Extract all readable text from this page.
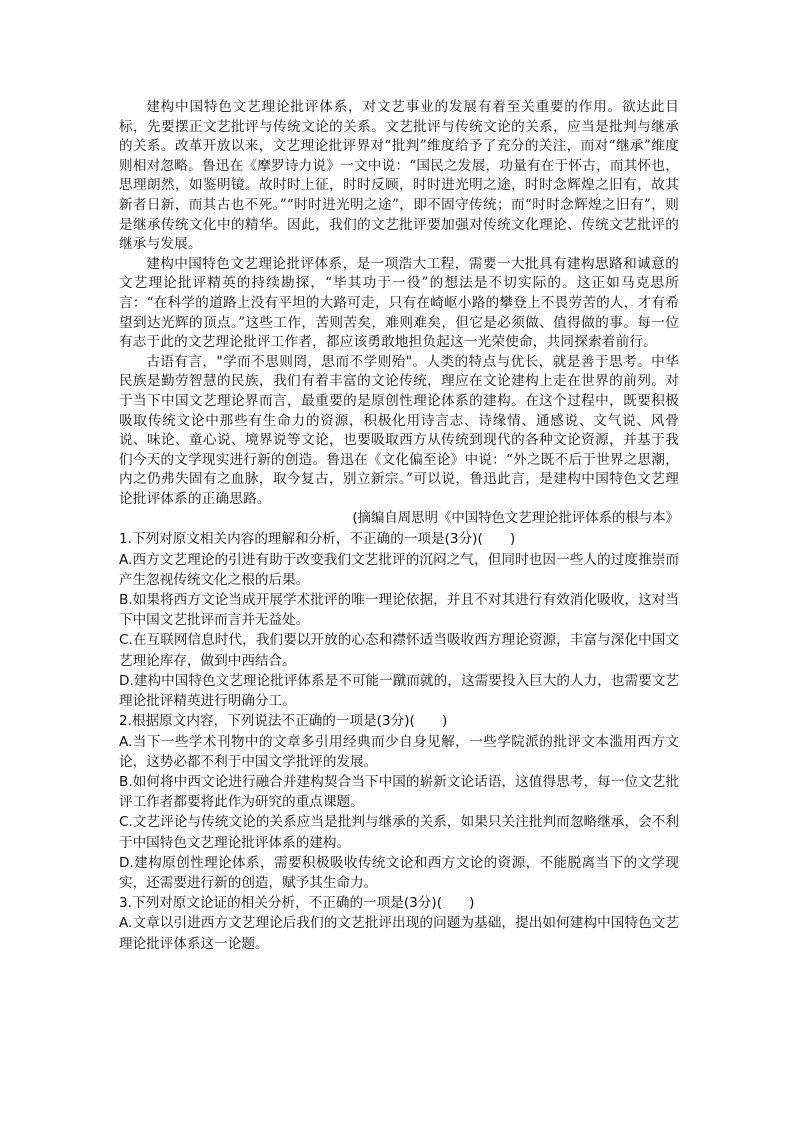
建构中国特色文艺理论批评体系，对文艺事业的发展有着至关重要的作用。欲达此目标，先要摆正文艺批评与传统文论的关系。文艺批评与传统文论的关系，应当是批判与继承的关系。改革开放以来，文艺理论批评界对“批判”维度给予了充分的关注，而对“继承”维度则相对忽略。鲁迅在《摩罗诗力说》一文中说：“国民之发展，功量有在于怀古，而其怀也，思理朗然，如鉴明镜。故时时上征，时时反顾，时时进光明之途，时时念辉煌之旧有，故其新者日新，而其古也不死。”“时时进光明之途”，即不固守传统；而“时时念辉煌之旧有”，则是继承传统文化中的精华。因此，我们的文艺批评要加强对传统文化理论、传统文艺批评的继承与发展。

建构中国特色文艺理论批评体系，是一项浩大工程，需要一大批具有建构思路和诚意的文艺理论批评精英的持续勘探，“毕其功于一役”的想法是不切实际的。这正如马克思所言：“在科学的道路上没有平坦的大路可走，只有在崎岖小路的攀登上不畏劳苦的人，才有希望到达光辉的顶点。”这些工作，苦则苦矣，难则难矣，但它是必须做、值得做的事。每一位有志于此的文艺理论批评工作者，都应该勇敢地担负起这一光荣使命，共同探索着前行。

古语有言，"学而不思则罔，思而不学则殆"。人类的特点与优长，就是善于思考。中华民族是勤劳智慧的民族，我们有着丰富的文论传统，理应在文论建构上走在世界的前列。对于当下中国文艺理论界而言，最重要的是原创性理论体系的建构。在这个过程中，既要积极吸取传统文论中那些有生命力的资源，积极化用诗言志、诗缘情、通感说、文气说、风骨说、味论、童心说、境界说等文论，也要吸取西方从传统到现代的各种文论资源，并基于我们今天的文学现实进行新的创造。鲁迅在《文化偏至论》中说：“外之既不后于世界之思潮，内之仍弗失固有之血脉，取今复古，别立新宗。”可以说，鲁迅此言，是建构中国特色文艺理论批评体系的正确思路。

(摘编自周思明《中国特色文艺理论批评体系的根与本》

1.下列对原文相关内容的理解和分析，不正确的一项是(3分)(　　)

A.西方文艺理论的引进有助于改变我们文艺批评的沉闷之气，但同时也因一些人的过度推崇而产生忽视传统文化之根的后果。

B.如果将西方文论当成开展学术批评的唯一理论依据，并且不对其进行有效消化吸收，这对当下中国文艺批评而言并无益处。

C.在互联网信息时代，我们要以开放的心态和襟怀适当吸收西方理论资源，丰富与深化中国文艺理论库存，做到中西结合。

D.建构中国特色文艺理论批评体系是不可能一蹴而就的，这需要投入巨大的人力，也需要文艺理论批评精英进行明确分工。

2.根据原文内容，下列说法不正确的一项是(3分)(　　)

A.当下一些学术刊物中的文章多引用经典而少自身见解，一些学院派的批评文本滥用西方文论，这势必都不利于中国文学批评的发展。

B.如何将中西文论进行融合并建构契合当下中国的崭新文论话语，这值得思考，每一位文艺批评工作者都要将此作为研究的重点课题。

C.文艺评论与传统文论的关系应当是批判与继承的关系，如果只关注批判而忽略继承，会不利于中国特色文艺理论批评体系的建构。

D.建构原创性理论体系，需要积极吸收传统文论和西方文论的资源，不能脱离当下的文学现实，还需要进行新的创造，赋予其生命力。

3.下列对原文论证的相关分析，不正确的一项是(3分)(　　)

A.文章以引进西方文艺理论后我们的文艺批评出现的问题为基础，提出如何建构中国特色文艺理论批评体系这一论题。
